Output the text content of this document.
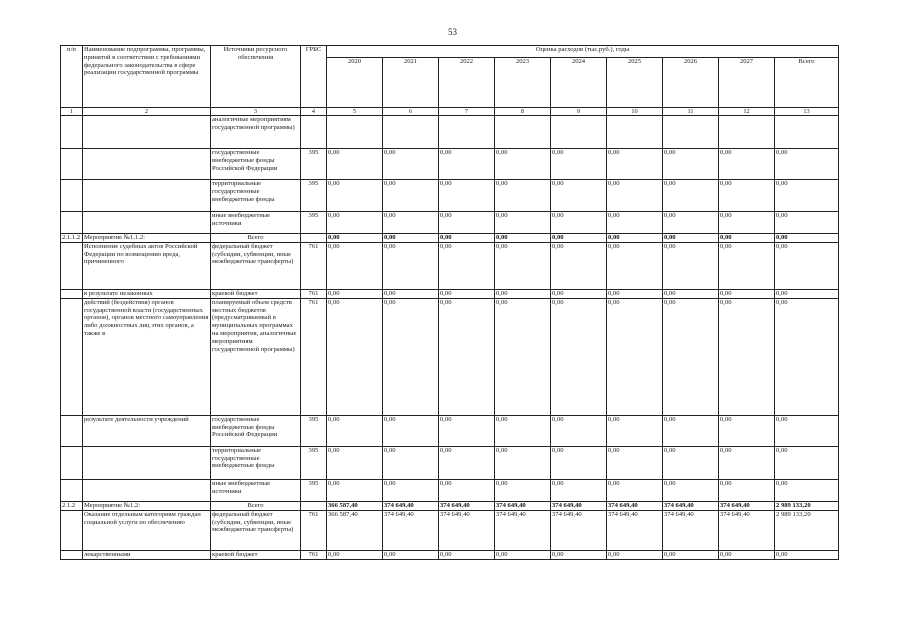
53
п/п	Наименование подпрограммы, программы, принятой в соответствии с требованиями федерального законодательства в сфере реализации государственной программы	Источники ресурсного обеспечения	ГРБС	Оценка расходов (тыс.руб.), годы								
				2020	2021	2022	2023	2024	2025	2026	2027	Всего
1	2	3	4	5	6	7	8	9	10	11	12	13
		аналогичные мероприятиям государственной программы)										
		государственные внебюджетные фонды Российской Федерации	395	0,00	0,00	0,00	0,00	0,00	0,00	0,00	0,00	0,00
		территориальные государственные внебюджетные фонды	395	0,00	0,00	0,00	0,00	0,00	0,00	0,00	0,00	0,00
		иные внебюджетные источники	395	0,00	0,00	0,00	0,00	0,00	0,00	0,00	0,00	0,00
2.1.1.2	Мероприятие №1.1.2:	Всего		0,00	0,00	0,00	0,00	0,00	0,00	0,00	0,00	0,00
	Исполнение судебных актов Российской Федерации по возмещению вреда, причиненного	федеральный бюджет (субсидии, субвенции, иные межбюджетные трансферты)	761	0,00	0,00	0,00	0,00	0,00	0,00	0,00	0,00	0,00
	в результате незаконных	краевой бюджет	761	0,00	0,00	0,00	0,00	0,00	0,00	0,00	0,00	0,00
	действий (бездействия) органов государственной власти (государственных органов), органов местного самоуправления либо должностных лиц этих органов, а также в	планируемый объем средств местных бюджетов (предусматриваемый в муниципальных программах на мероприятия, аналогичные мероприятиям государственной программы)	761	0,00	0,00	0,00	0,00	0,00	0,00	0,00	0,00	0,00
	результате деятельности учреждений	государственные внебюджетные фонды Российской Федерации	395	0,00	0,00	0,00	0,00	0,00	0,00	0,00	0,00	0,00
		территориальные государственные внебюджетные фонды	395	0,00	0,00	0,00	0,00	0,00	0,00	0,00	0,00	0,00
		иные внебюджетные источники	395	0,00	0,00	0,00	0,00	0,00	0,00	0,00	0,00	0,00
2.1.2	Мероприятие №1.2:	Всего		366 587,40	374 649,40	374 649,40	374 649,40	374 649,40	374 649,40	374 649,40	374 649,40	2 989 133,20
	Оказание отдельным категориям граждан социальной услуги по обеспечению	федеральный бюджет (субсидии, субвенции, иные межбюджетные трансферты)	761	366 587,40	374 649,40	374 649,40	374 649,40	374 649,40	374 649,40	374 649,40	374 649,40	2 989 133,20
	лекарственными	краевой бюджет	761	0,00	0,00	0,00	0,00	0,00	0,00	0,00	0,00	0,00
